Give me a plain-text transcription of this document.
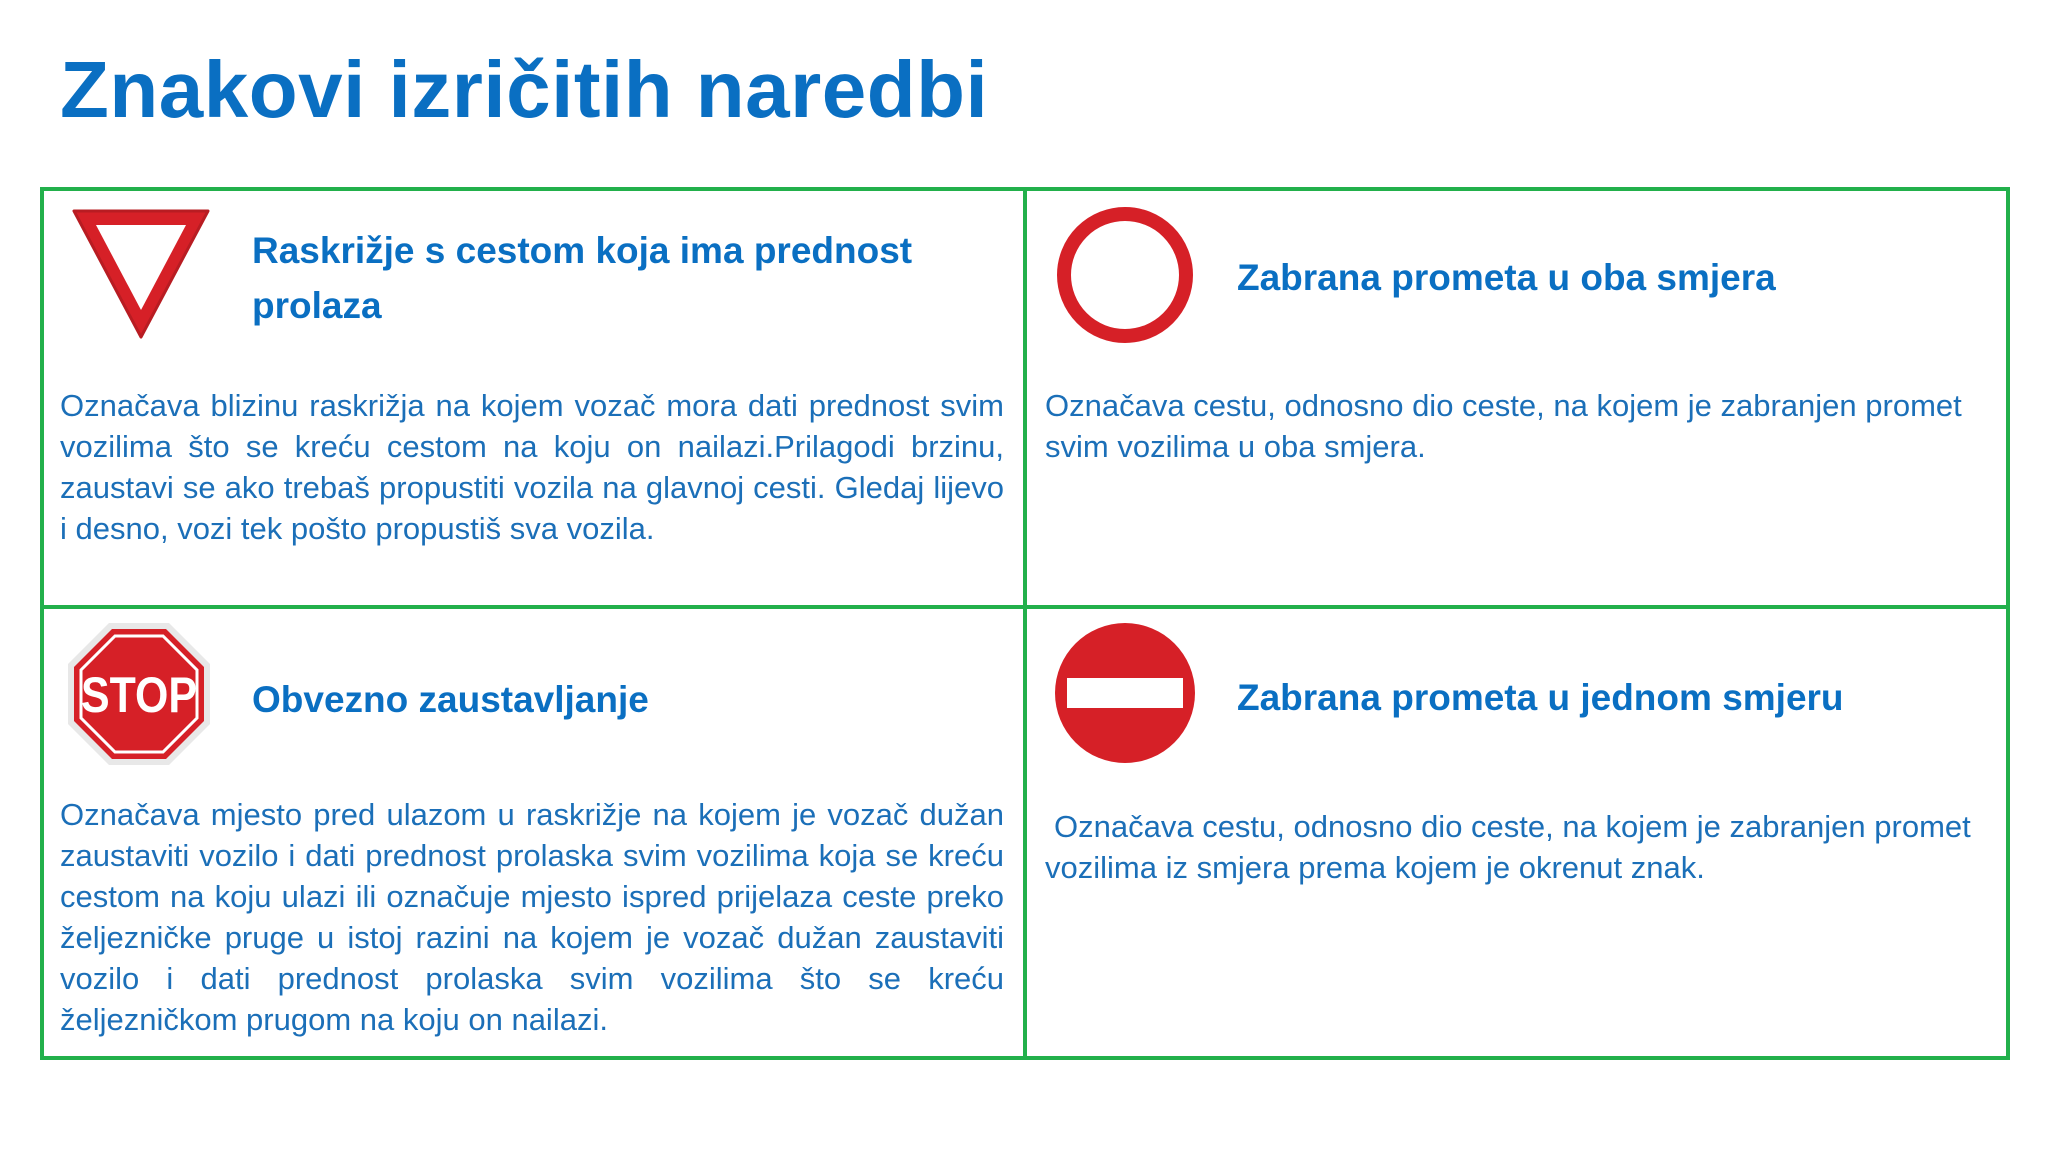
Znakovi izričitih naredbi
Raskrižje s cestom koja ima prednost prolaza

Označava blizinu raskrižja na kojem vozač mora dati prednost svim vozilima što se kreću cestom na koju on nailazi.Prilagodi brzinu, zaustavi se ako trebaš propustiti vozila na glavnoj cesti. Gledaj lijevo i desno, vozi tek pošto propustiš sva vozila.

Zabrana prometa u oba smjera

Označava cestu, odnosno dio ceste, na kojem je zabranjen promet svim vozilima u oba smjera.

STOP Obvezno zaustavljanje

Označava mjesto pred ulazom u raskrižje na kojem je vozač dužan zaustaviti vozilo i dati prednost prolaska svim vozilima koja se kreću cestom na koju ulazi ili označuje mjesto ispred prijelaza ceste preko željezničke pruge u istoj razini na kojem je vozač dužan zaustaviti vozilo i dati prednost prolaska svim vozilima što se kreću željezničkom prugom na koju on nailazi.

Zabrana prometa u jednom smjeru

Označava cestu, odnosno dio ceste, na kojem je zabranjen promet vozilima iz smjera prema kojem je okrenut znak.
